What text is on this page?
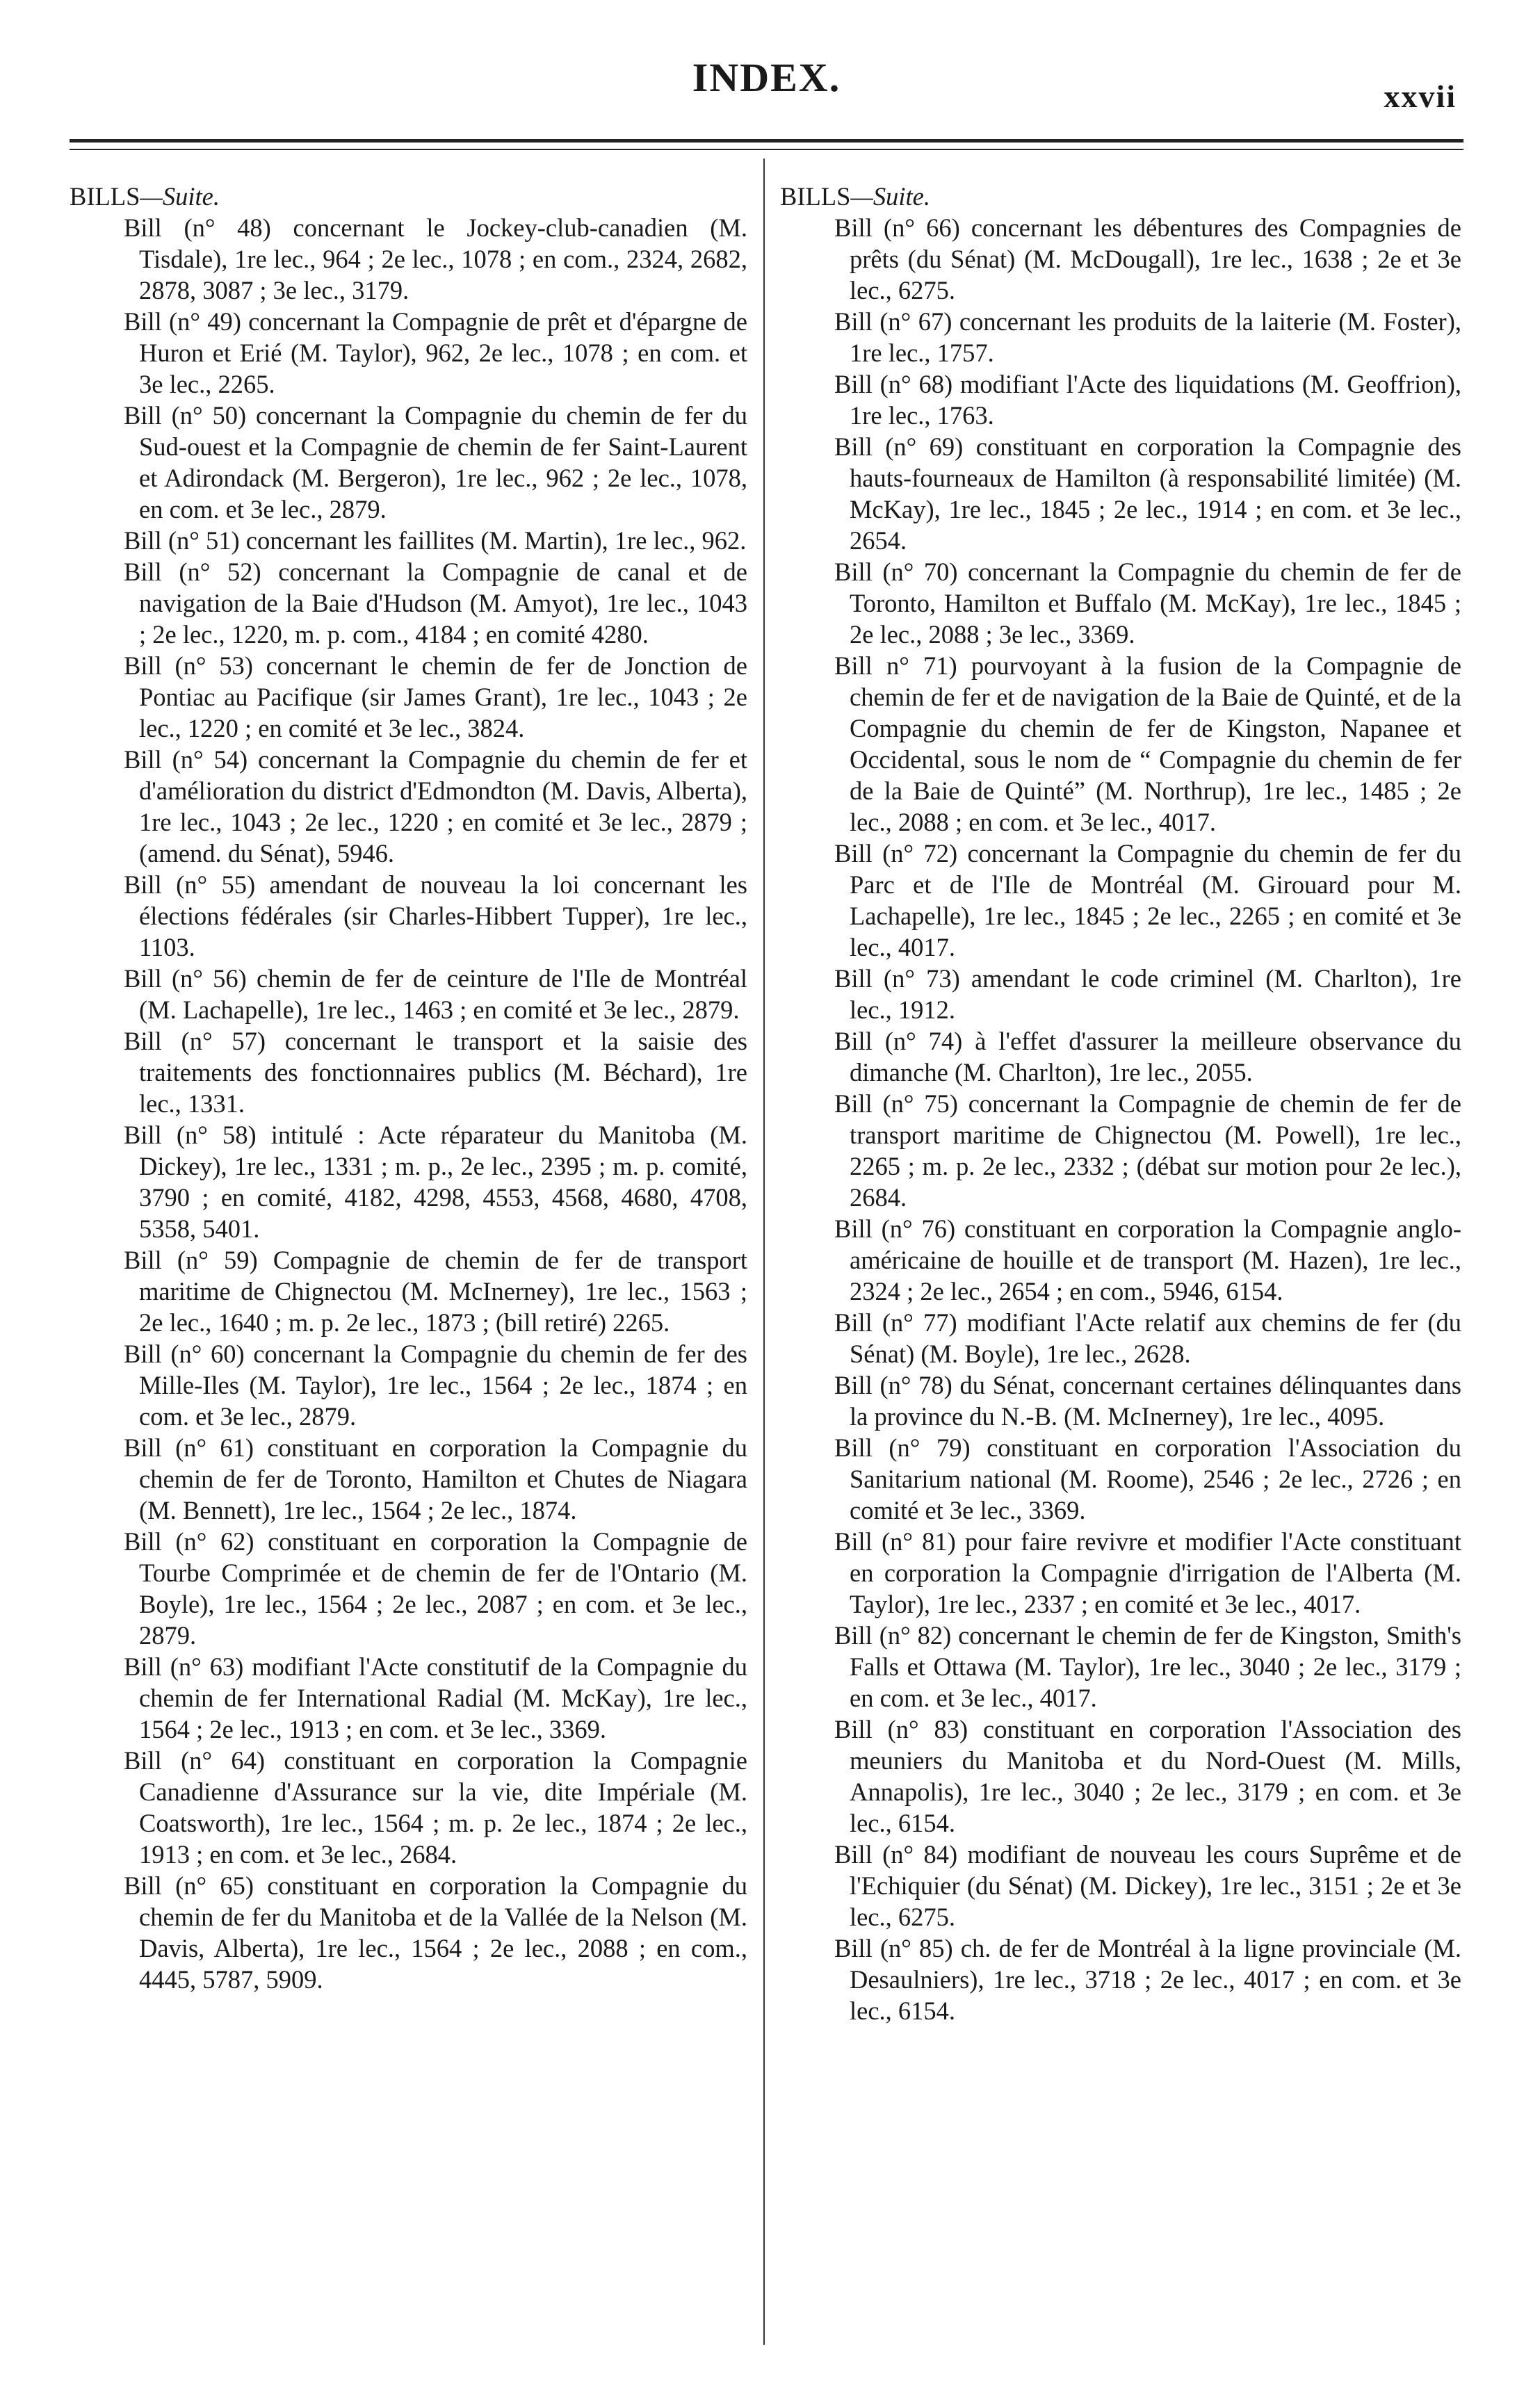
INDEX.	xxvii

BILLS—Suite.

Bill (n° 48) concernant le Jockey-club-canadien (M. Tisdale), 1re lec., 964 ; 2e lec., 1078 ; en com., 2324, 2682, 2878, 3087 ; 3e lec., 3179.

Bill (n° 49) concernant la Compagnie de prêt et d'épargne de Huron et Erié (M. Taylor), 962, 2e lec., 1078 ; en com. et 3e lec., 2265.

Bill (n° 50) concernant la Compagnie du chemin de fer du Sud-ouest et la Compagnie de chemin de fer Saint-Laurent et Adirondack (M. Bergeron), 1re lec., 962 ; 2e lec., 1078, en com. et 3e lec., 2879.

Bill (n° 51) concernant les faillites (M. Martin), 1re lec., 962.

Bill (n° 52) concernant la Compagnie de canal et de navigation de la Baie d'Hudson (M. Amyot), 1re lec., 1043 ; 2e lec., 1220, m. p. com., 4184 ; en comité 4280.

Bill (n° 53) concernant le chemin de fer de Jonction de Pontiac au Pacifique (sir James Grant), 1re lec., 1043 ; 2e lec., 1220 ; en comité et 3e lec., 3824.

Bill (n° 54) concernant la Compagnie du chemin de fer et d'amélioration du district d'Edmondton (M. Davis, Alberta), 1re lec., 1043 ; 2e lec., 1220 ; en comité et 3e lec., 2879 ; (amend. du Sénat), 5946.

Bill (n° 55) amendant de nouveau la loi concernant les élections fédérales (sir Charles-Hibbert Tupper), 1re lec., 1103.

Bill (n° 56) chemin de fer de ceinture de l'Ile de Montréal (M. Lachapelle), 1re lec., 1463 ; en comité et 3e lec., 2879.

Bill (n° 57) concernant le transport et la saisie des traitements des fonctionnaires publics (M. Béchard), 1re lec., 1331.

Bill (n° 58) intitulé : Acte réparateur du Manitoba (M. Dickey), 1re lec., 1331 ; m. p., 2e lec., 2395 ; m. p. comité, 3790 ; en comité, 4182, 4298, 4553, 4568, 4680, 4708, 5358, 5401.

Bill (n° 59) Compagnie de chemin de fer de transport maritime de Chignectou (M. McInerney), 1re lec., 1563 ; 2e lec., 1640 ; m. p. 2e lec., 1873 ; (bill retiré) 2265.

Bill (n° 60) concernant la Compagnie du chemin de fer des Mille-Iles (M. Taylor), 1re lec., 1564 ; 2e lec., 1874 ; en com. et 3e lec., 2879.

Bill (n° 61) constituant en corporation la Compagnie du chemin de fer de Toronto, Hamilton et Chutes de Niagara (M. Bennett), 1re lec., 1564 ; 2e lec., 1874.

Bill (n° 62) constituant en corporation la Compagnie de Tourbe Comprimée et de chemin de fer de l'Ontario (M. Boyle), 1re lec., 1564 ; 2e lec., 2087 ; en com. et 3e lec., 2879.

Bill (n° 63) modifiant l'Acte constitutif de la Compagnie du chemin de fer International Radial (M. McKay), 1re lec., 1564 ; 2e lec., 1913 ; en com. et 3e lec., 3369.

Bill (n° 64) constituant en corporation la Compagnie Canadienne d'Assurance sur la vie, dite Impériale (M. Coatsworth), 1re lec., 1564 ; m. p. 2e lec., 1874 ; 2e lec., 1913 ; en com. et 3e lec., 2684.

Bill (n° 65) constituant en corporation la Compagnie du chemin de fer du Manitoba et de la Vallée de la Nelson (M. Davis, Alberta), 1re lec., 1564 ; 2e lec., 2088 ; en com., 4445, 5787, 5909.

BILLS—Suite.

Bill (n° 66) concernant les débentures des Compagnies de prêts (du Sénat) (M. McDougall), 1re lec., 1638 ; 2e et 3e lec., 6275.

Bill (n° 67) concernant les produits de la laiterie (M. Foster), 1re lec., 1757.

Bill (n° 68) modifiant l'Acte des liquidations (M. Geoffrion), 1re lec., 1763.

Bill (n° 69) constituant en corporation la Compagnie des hauts-fourneaux de Hamilton (à responsabilité limitée) (M. McKay), 1re lec., 1845 ; 2e lec., 1914 ; en com. et 3e lec., 2654.

Bill (n° 70) concernant la Compagnie du chemin de fer de Toronto, Hamilton et Buffalo (M. McKay), 1re lec., 1845 ; 2e lec., 2088 ; 3e lec., 3369.

Bill n° 71) pourvoyant à la fusion de la Compagnie de chemin de fer et de navigation de la Baie de Quinté, et de la Compagnie du chemin de fer de Kingston, Napanee et Occidental, sous le nom de “ Compagnie du chemin de fer de la Baie de Quinté” (M. Northrup), 1re lec., 1485 ; 2e lec., 2088 ; en com. et 3e lec., 4017.

Bill (n° 72) concernant la Compagnie du chemin de fer du Parc et de l'Ile de Montréal (M. Girouard pour M. Lachapelle), 1re lec., 1845 ; 2e lec., 2265 ; en comité et 3e lec., 4017.

Bill (n° 73) amendant le code criminel (M. Charlton), 1re lec., 1912.

Bill (n° 74) à l'effet d'assurer la meilleure observance du dimanche (M. Charlton), 1re lec., 2055.

Bill (n° 75) concernant la Compagnie de chemin de fer de transport maritime de Chignectou (M. Powell), 1re lec., 2265 ; m. p. 2e lec., 2332 ; (débat sur motion pour 2e lec.), 2684.

Bill (n° 76) constituant en corporation la Compagnie anglo-américaine de houille et de transport (M. Hazen), 1re lec., 2324 ; 2e lec., 2654 ; en com., 5946, 6154.

Bill (n° 77) modifiant l'Acte relatif aux chemins de fer (du Sénat) (M. Boyle), 1re lec., 2628.

Bill (n° 78) du Sénat, concernant certaines délinquantes dans la province du N.-B. (M. McInerney), 1re lec., 4095.

Bill (n° 79) constituant en corporation l'Association du Sanitarium national (M. Roome), 2546 ; 2e lec., 2726 ; en comité et 3e lec., 3369.

Bill (n° 81) pour faire revivre et modifier l'Acte constituant en corporation la Compagnie d'irrigation de l'Alberta (M. Taylor), 1re lec., 2337 ; en comité et 3e lec., 4017.

Bill (n° 82) concernant le chemin de fer de Kingston, Smith's Falls et Ottawa (M. Taylor), 1re lec., 3040 ; 2e lec., 3179 ; en com. et 3e lec., 4017.

Bill (n° 83) constituant en corporation l'Association des meuniers du Manitoba et du Nord-Ouest (M. Mills, Annapolis), 1re lec., 3040 ; 2e lec., 3179 ; en com. et 3e lec., 6154.

Bill (n° 84) modifiant de nouveau les cours Suprême et de l'Echiquier (du Sénat) (M. Dickey), 1re lec., 3151 ; 2e et 3e lec., 6275.

Bill (n° 85) ch. de fer de Montréal à la ligne provinciale (M. Desaulniers), 1re lec., 3718 ; 2e lec., 4017 ; en com. et 3e lec., 6154.
